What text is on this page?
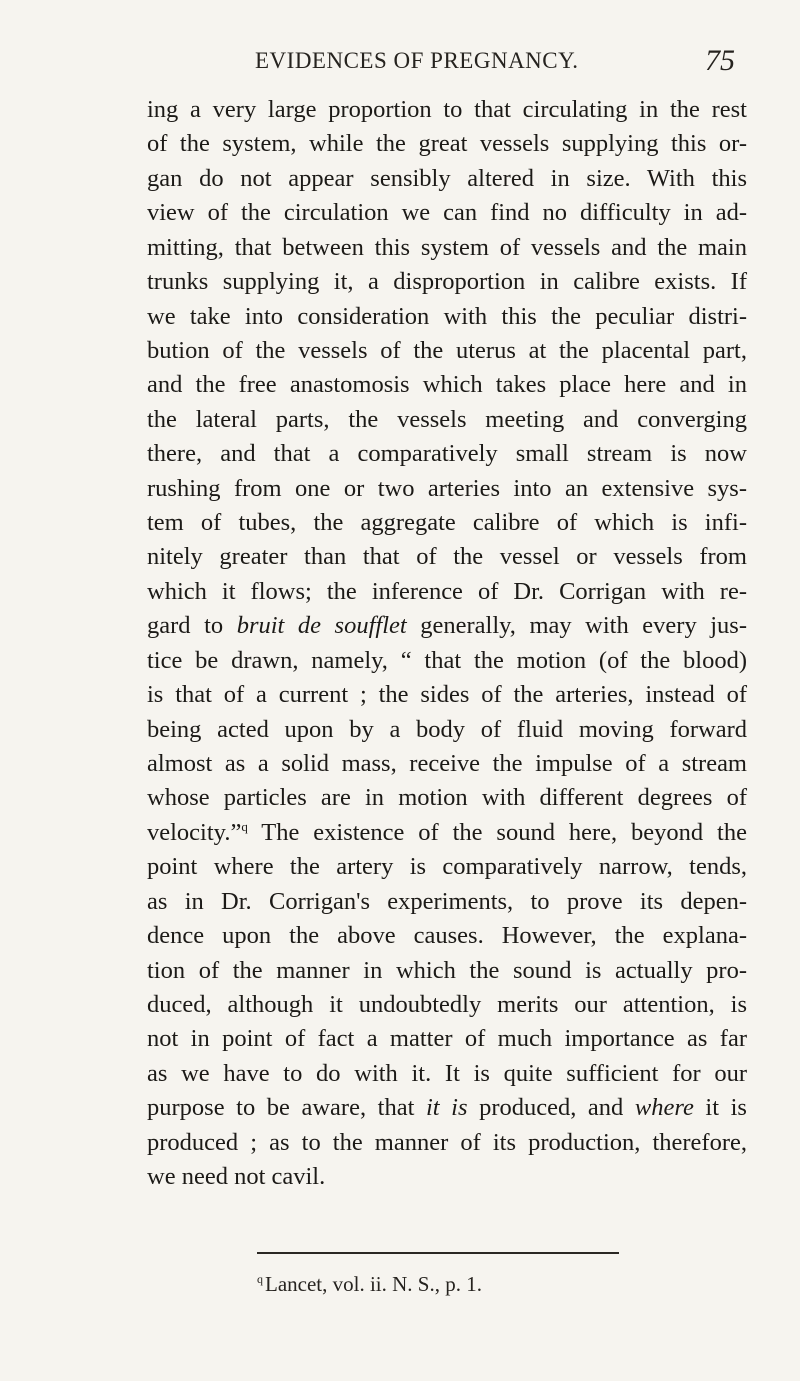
EVIDENCES OF PREGNANCY.	75
ing a very large proportion to that circulating in the rest
of the system, while the great vessels supplying this or-
gan do not appear sensibly altered in size. With this
view of the circulation we can find no difficulty in ad-
mitting, that between this system of vessels and the main
trunks supplying it, a disproportion in calibre exists. If
we take into consideration with this the peculiar distri-
bution of the vessels of the uterus at the placental part,
and the free anastomosis which takes place here and in
the lateral parts, the vessels meeting and converging
there, and that a comparatively small stream is now
rushing from one or two arteries into an extensive sys-
tem of tubes, the aggregate calibre of which is infi-
nitely greater than that of the vessel or vessels from
which it flows; the inference of Dr. Corrigan with re-
gard to bruit de soufflet generally, may with every jus-
tice be drawn, namely, “ that the motion (of the blood)
is that of a current ; the sides of the arteries, instead of
being acted upon by a body of fluid moving forward
almost as a solid mass, receive the impulse of a stream
whose particles are in motion with different degrees of
velocity.”$^q$ The existence of the sound here, beyond the
point where the artery is comparatively narrow, tends,
as in Dr. Corrigan's experiments, to prove its depen-
dence upon the above causes. However, the explana-
tion of the manner in which the sound is actually pro-
duced, although it undoubtedly merits our attention, is
not in point of fact a matter of much importance as far
as we have to do with it. It is quite sufficient for our
purpose to be aware, that it is produced, and where it is
produced ; as to the manner of its production, therefore,
we need not cavil.
$^q$Lancet, vol. ii. N. S., p. 1.
